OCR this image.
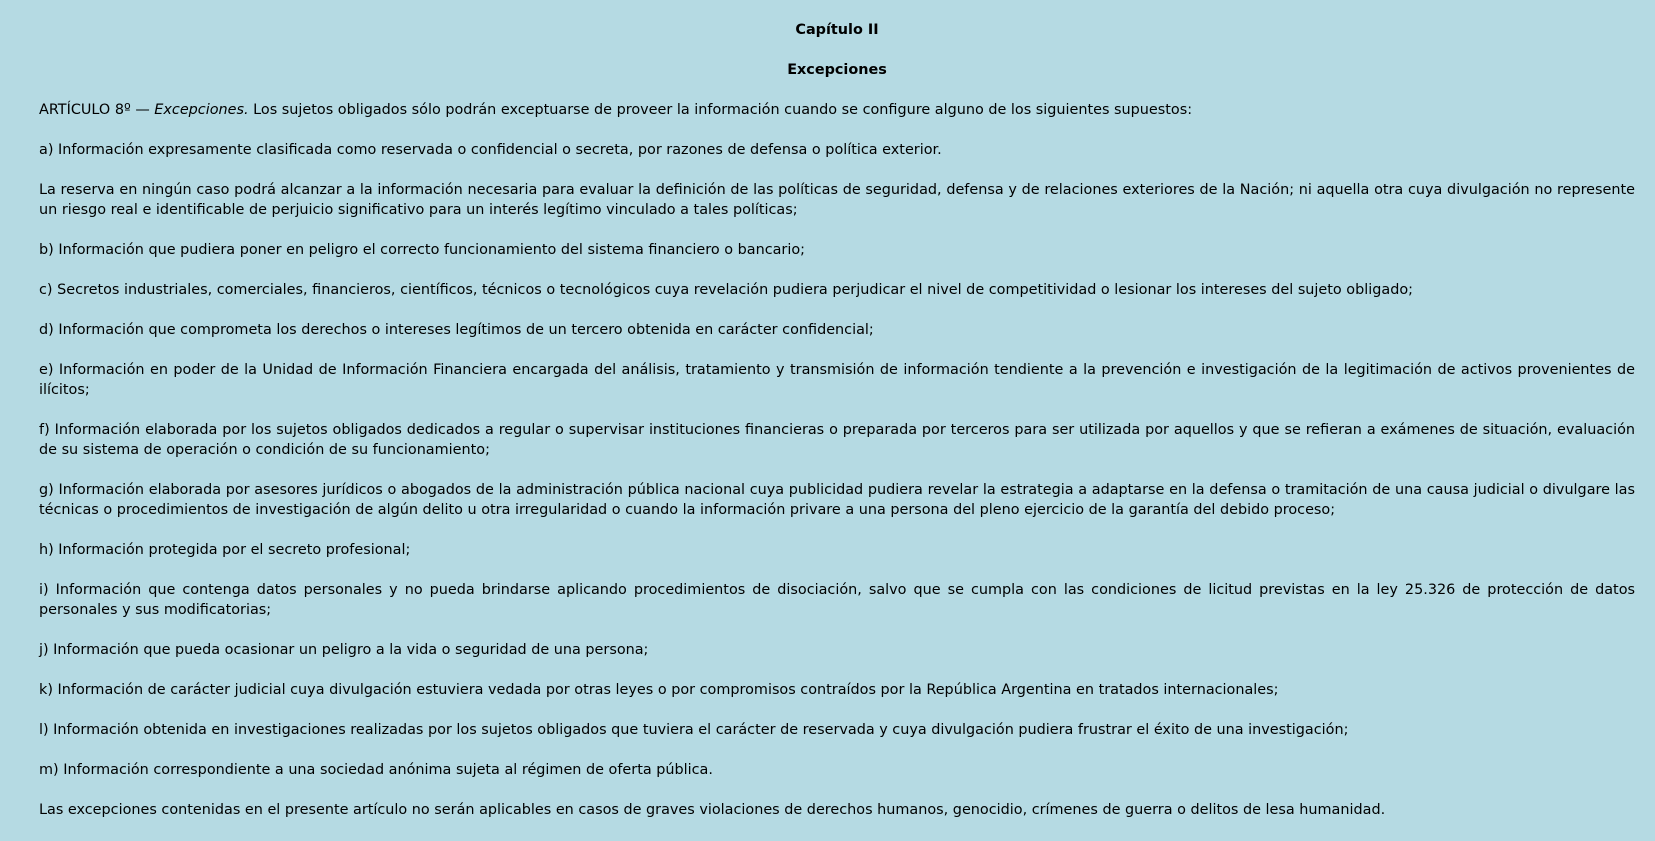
Capítulo II
Excepciones

ARTÍCULO 8º — Excepciones. Los sujetos obligados sólo podrán exceptuarse de proveer la información cuando se configure alguno de los siguientes supuestos:

a) Información expresamente clasificada como reservada o confidencial o secreta, por razones de defensa o política exterior.

La reserva en ningún caso podrá alcanzar a la información necesaria para evaluar la definición de las políticas de seguridad, defensa y de relaciones exteriores de la Nación; ni aquella otra cuya divulgación no represente un riesgo real e identificable de perjuicio significativo para un interés legítimo vinculado a tales políticas;

b) Información que pudiera poner en peligro el correcto funcionamiento del sistema financiero o bancario;

c) Secretos industriales, comerciales, financieros, científicos, técnicos o tecnológicos cuya revelación pudiera perjudicar el nivel de competitividad o lesionar los intereses del sujeto obligado;

d) Información que comprometa los derechos o intereses legítimos de un tercero obtenida en carácter confidencial;

e) Información en poder de la Unidad de Información Financiera encargada del análisis, tratamiento y transmisión de información tendiente a la prevención e investigación de la legitimación de activos provenientes de ilícitos;

f) Información elaborada por los sujetos obligados dedicados a regular o supervisar instituciones financieras o preparada por terceros para ser utilizada por aquellos y que se refieran a exámenes de situación, evaluación de su sistema de operación o condición de su funcionamiento;

g) Información elaborada por asesores jurídicos o abogados de la administración pública nacional cuya publicidad pudiera revelar la estrategia a adaptarse en la defensa o tramitación de una causa judicial o divulgare las técnicas o procedimientos de investigación de algún delito u otra irregularidad o cuando la información privare a una persona del pleno ejercicio de la garantía del debido proceso;

h) Información protegida por el secreto profesional;

i) Información que contenga datos personales y no pueda brindarse aplicando procedimientos de disociación, salvo que se cumpla con las condiciones de licitud previstas en la ley 25.326 de protección de datos personales y sus modificatorias;

j) Información que pueda ocasionar un peligro a la vida o seguridad de una persona;

k) Información de carácter judicial cuya divulgación estuviera vedada por otras leyes o por compromisos contraídos por la República Argentina en tratados internacionales;

l) Información obtenida en investigaciones realizadas por los sujetos obligados que tuviera el carácter de reservada y cuya divulgación pudiera frustrar el éxito de una investigación;

m) Información correspondiente a una sociedad anónima sujeta al régimen de oferta pública.

Las excepciones contenidas en el presente artículo no serán aplicables en casos de graves violaciones de derechos humanos, genocidio, crímenes de guerra o delitos de lesa humanidad.
